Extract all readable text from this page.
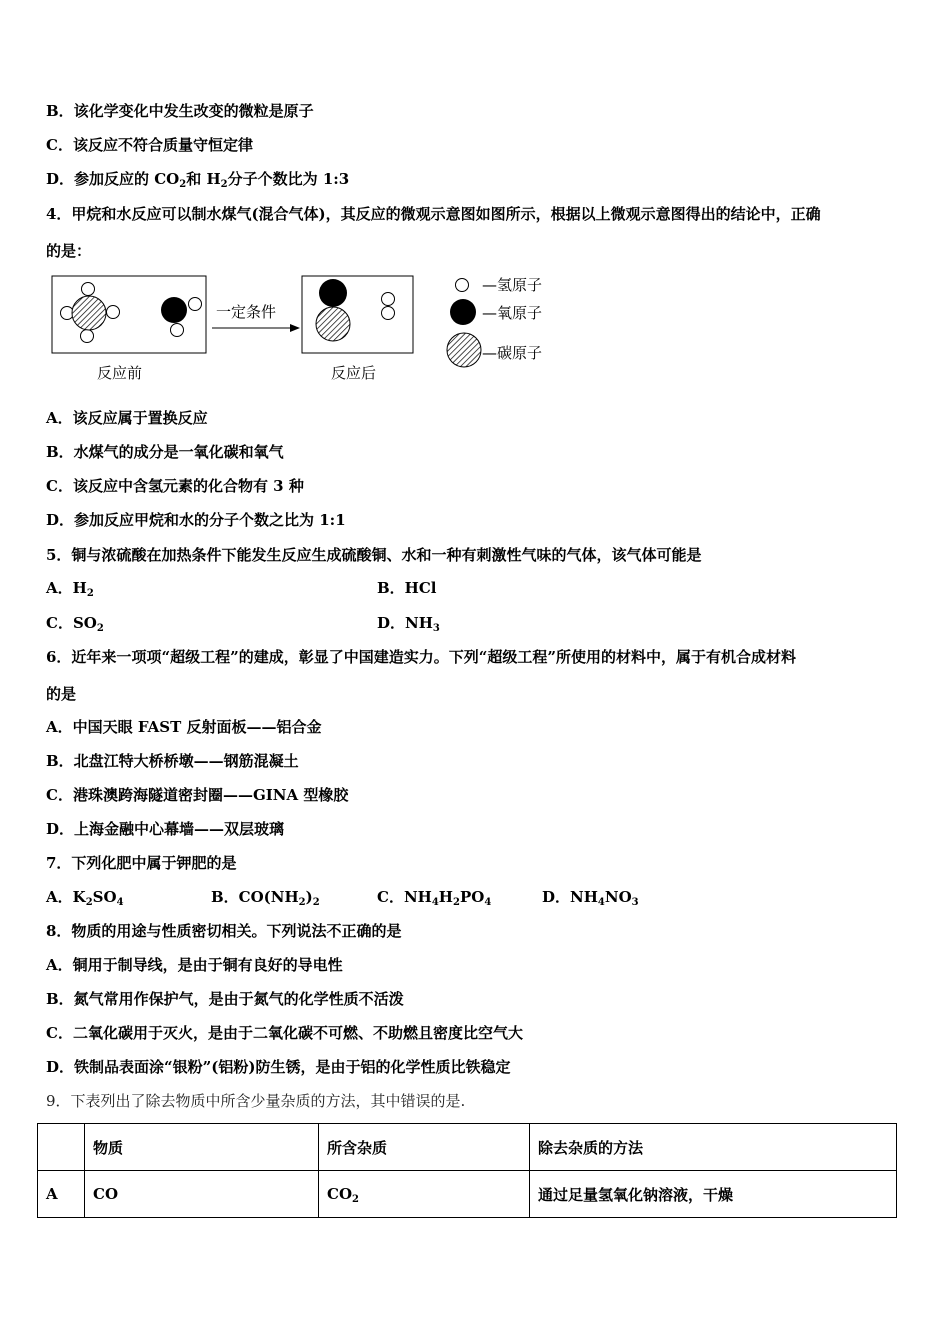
B．该化学变化中发生改变的微粒是原子
C．该反应不符合质量守恒定律
D．参加反应的 $CO_2$和 $H_2$分子个数比为 1:3
4．甲烷和水反应可以制水煤气(混合气体)，其反应的微观示意图如图所示，根据以上微观示意图得出的结论中，正确
的是：
一定条件
反应前	反应后
—氢原子
—氧原子
—碳原子
A．该反应属于置换反应
B．水煤气的成分是一氧化碳和氧气
C．该反应中含氢元素的化合物有 3 种
D．参加反应甲烷和水的分子个数之比为 1:1
5．铜与浓硫酸在加热条件下能发生反应生成硫酸铜、水和一种有刺激性气味的气体，该气体可能是
A．$H_2$	B．HCl
C．$SO_2$	D．$NH_3$
6．近年来一项项“超级工程”的建成，彰显了中国建造实力。下列“超级工程”所使用的材料中，属于有机合成材料
的是
A．中国天眼 FAST 反射面板——铝合金
B．北盘江特大桥桥墩——钢筋混凝土
C．港珠澳跨海隧道密封圈——GINA 型橡胶
D．上海金融中心幕墙——双层玻璃
7．下列化肥中属于钾肥的是
A．$K_2SO_4$	B．$CO(NH_2)_2$	C．$NH_4H_2PO_4$	D．$NH_4NO_3$
8．物质的用途与性质密切相关。下列说法不正确的是
A．铜用于制导线，是由于铜有良好的导电性
B．氮气常用作保护气，是由于氮气的化学性质不活泼
C．二氧化碳用于灭火，是由于二氧化碳不可燃、不助燃且密度比空气大
D．铁制品表面涂“银粉”(铝粉)防生锈，是由于铝的化学性质比铁稳定
9．下表列出了除去物质中所含少量杂质的方法，其中错误的是.
	物质	所含杂质	除去杂质的方法
A	CO	$CO_2$	通过足量氢氧化钠溶液，干燥
